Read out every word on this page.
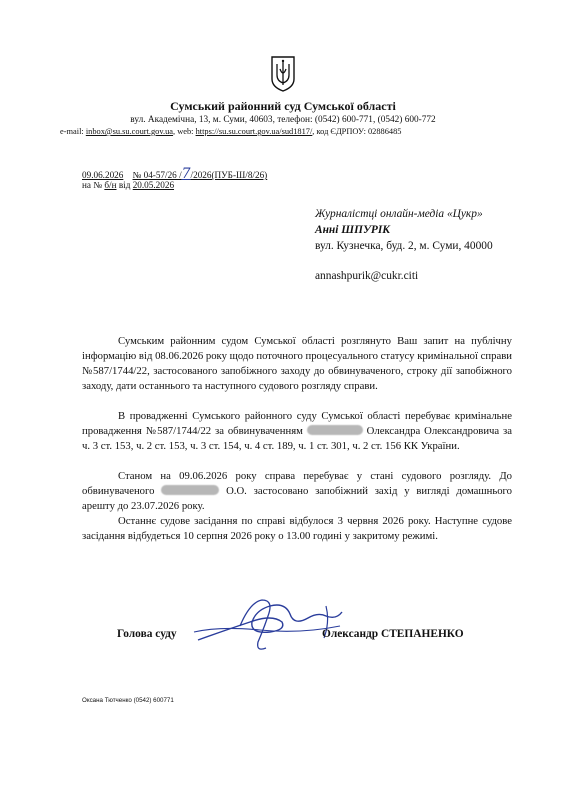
Сумський районний суд Сумської області
вул. Академічна, 13, м. Суми, 40603, телефон: (0542) 600-771, (0542) 600-772
e-mail: inbox@su.su.court.gov.ua, web: https://su.su.court.gov.ua/sud1817/, код ЄДРПОУ: 02886485
09.06.2026 № 04-57/26 /7/2026(ПУБ-Ш/8/26)
на № б/н від 20.05.2026
Журналістці онлайн-медіа «Цукр»
Анні ШПУРІК
вул. Кузнечка, буд. 2, м. Суми, 40000
annashpurik@cukr.citi
Сумським районним судом Сумської області розглянуто Ваш запит на публічну інформацію від 08.06.2026 року щодо поточного процесуального статусу кримінальної справи №587/1744/22, застосованого запобіжного заходу до обвинуваченого, строку дії запобіжного заходу, дати останнього та наступного судового розгляду справи.
В провадженні Сумського районного суду Сумської області перебуває кримінальне провадження №587/1744/22 за обвинуваченням	Олександра Олександровича за ч. 3 ст. 153, ч. 2 ст. 153, ч. 3 ст. 154, ч. 4 ст. 189, ч. 1 ст. 301, ч. 2 ст. 156 КК України.
Станом на 09.06.2026 року справа перебуває у стані судового розгляду. До обвинуваченого	О.О. застосовано запобіжний захід у вигляді домашнього арешту до 23.07.2026 року.
Останнє судове засідання по справі відбулося 3 червня 2026 року. Наступне судове засідання відбудеться 10 серпня 2026 року о 13.00 годині у закритому режимі.
Голова суду	Олександр СТЕПАНЕНКО
Оксана Тютченко (0542) 600771
